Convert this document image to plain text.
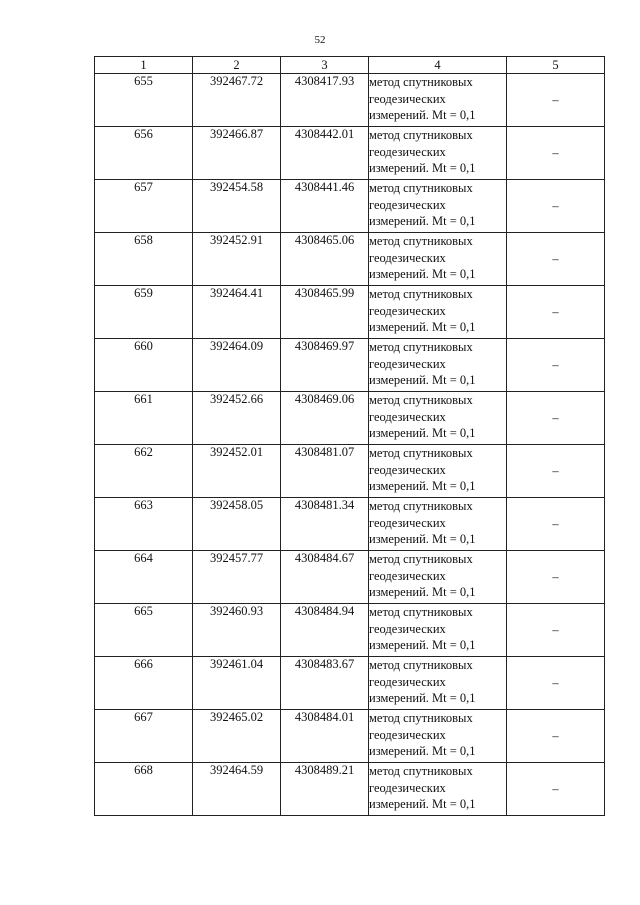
52
1	2	3	4	5
655	392467.72	4308417.93	метод спутниковых
геодезических
измерений. Mt = 0,1	–
656	392466.87	4308442.01	метод спутниковых
геодезических
измерений. Mt = 0,1	–
657	392454.58	4308441.46	метод спутниковых
геодезических
измерений. Mt = 0,1	–
658	392452.91	4308465.06	метод спутниковых
геодезических
измерений. Mt = 0,1	–
659	392464.41	4308465.99	метод спутниковых
геодезических
измерений. Mt = 0,1	–
660	392464.09	4308469.97	метод спутниковых
геодезических
измерений. Mt = 0,1	–
661	392452.66	4308469.06	метод спутниковых
геодезических
измерений. Mt = 0,1	–
662	392452.01	4308481.07	метод спутниковых
геодезических
измерений. Mt = 0,1	–
663	392458.05	4308481.34	метод спутниковых
геодезических
измерений. Mt = 0,1	–
664	392457.77	4308484.67	метод спутниковых
геодезических
измерений. Mt = 0,1	–
665	392460.93	4308484.94	метод спутниковых
геодезических
измерений. Mt = 0,1	–
666	392461.04	4308483.67	метод спутниковых
геодезических
измерений. Mt = 0,1	–
667	392465.02	4308484.01	метод спутниковых
геодезических
измерений. Mt = 0,1	–
668	392464.59	4308489.21	метод спутниковых
геодезических
измерений. Mt = 0,1	–
